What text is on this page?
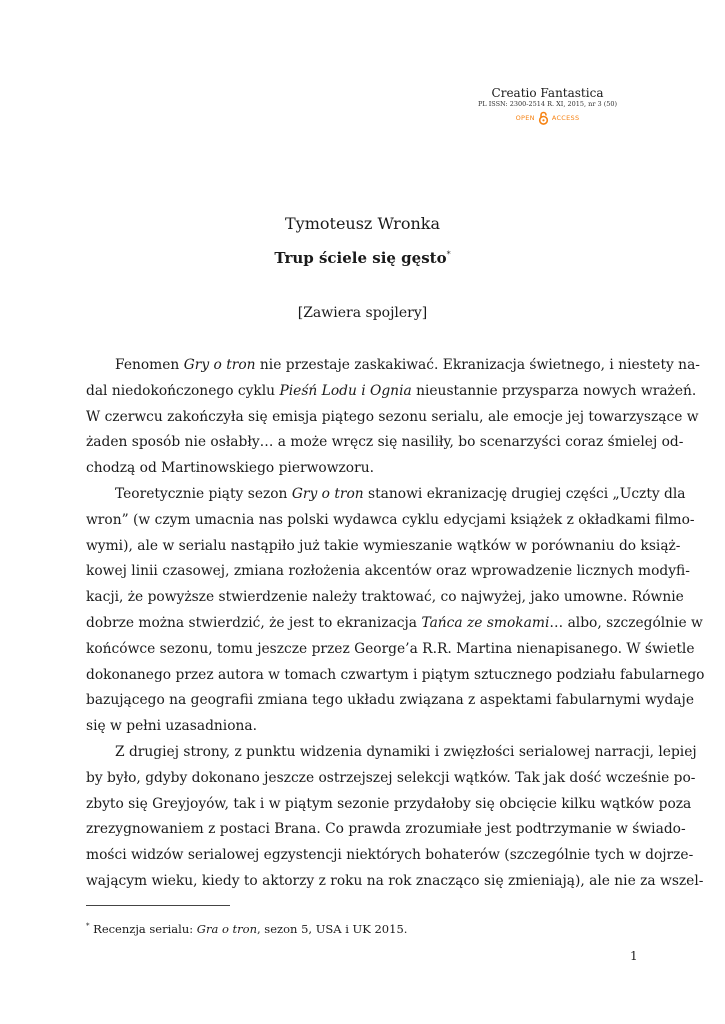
Creatio Fantastica
PL ISSN: 2300-2514 R. XI, 2015, nr 3 (50)
OPEN	ACCESS
Tymoteusz Wronka
Trup ściele się gęsto*
[Zawiera spojlery]
Fenomen Gry o tron nie przestaje zaskakiwać. Ekranizacja świetnego, i niestety na-
dal niedokończonego cyklu Pieśń Lodu i Ognia nieustannie przysparza nowych wrażeń.
W czerwcu zakończyła się emisja piątego sezonu serialu, ale emocje jej towarzyszące w
żaden sposób nie osłabły… a może wręcz się nasiliły, bo scenarzyści coraz śmielej od-
chodzą od Martinowskiego pierwowzoru.
Teoretycznie piąty sezon Gry o tron stanowi ekranizację drugiej części „Uczty dla
wron” (w czym umacnia nas polski wydawca cyklu edycjami książek z okładkami filmo-
wymi), ale w serialu nastąpiło już takie wymieszanie wątków w porównaniu do książ-
kowej linii czasowej, zmiana rozłożenia akcentów oraz wprowadzenie licznych modyfi-
kacji, że powyższe stwierdzenie należy traktować, co najwyżej, jako umowne. Równie
dobrze można stwierdzić, że jest to ekranizacja Tańca ze smokami… albo, szczególnie w
końcówce sezonu, tomu jeszcze przez George’a R.R. Martina nienapisanego. W świetle
dokonanego przez autora w tomach czwartym i piątym sztucznego podziału fabularnego
bazującego na geografii zmiana tego układu związana z aspektami fabularnymi wydaje
się w pełni uzasadniona.
Z drugiej strony, z punktu widzenia dynamiki i zwięzłości serialowej narracji, lepiej
by było, gdyby dokonano jeszcze ostrzejszej selekcji wątków. Tak jak dość wcześnie po-
zbyto się Greyjoyów, tak i w piątym sezonie przydałoby się obcięcie kilku wątków poza
zrezygnowaniem z postaci Brana. Co prawda zrozumiałe jest podtrzymanie w świado-
mości widzów serialowej egzystencji niektórych bohaterów (szczególnie tych w dojrze-
wającym wieku, kiedy to aktorzy z roku na rok znacząco się zmieniają), ale nie za wszel-
* Recenzja serialu: Gra o tron, sezon 5, USA i UK 2015.
1
